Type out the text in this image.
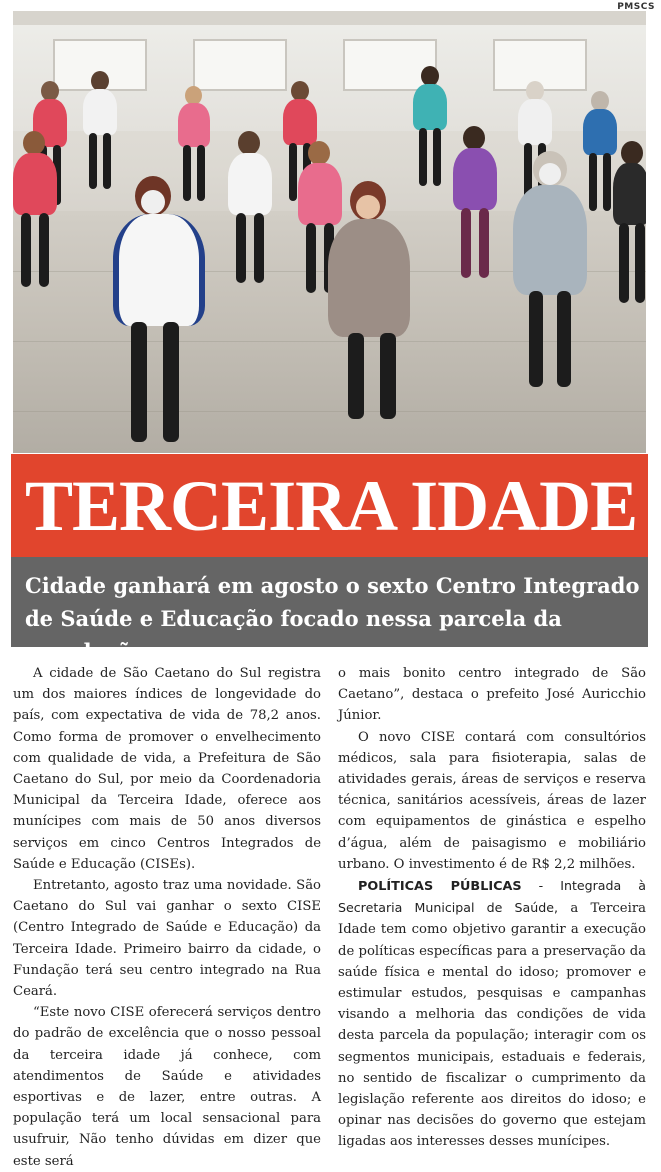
PMSCS
TERCEIRA IDADE
Cidade ganhará em agosto o sexto Centro Integrado de Saúde e Educação focado nessa parcela da população

A cidade de São Caetano do Sul registra um dos maiores índices de longevidade do país, com expectativa de vida de 78,2 anos. Como forma de promover o envelhecimento com qualidade de vida, a Prefeitura de São Caetano do Sul, por meio da Coordenadoria Municipal da Terceira Idade, oferece aos munícipes com mais de 50 anos diversos serviços em cinco Centros Integrados de Saúde e Educação (CISEs).

Entretanto, agosto traz uma novidade. São Caetano do Sul vai ganhar o sexto CISE (Centro Integrado de Saúde e Educação) da Terceira Idade. Primeiro bairro da cidade, o Fundação terá seu centro integrado na Rua Ceará.

“Este novo CISE oferecerá serviços dentro do padrão de excelência que o nosso pessoal da terceira idade já conhece, com atendimentos de Saúde e atividades esportivas e de lazer, entre outras. A população terá um local sensacional para usufruir, Não tenho dúvidas em dizer que este será

o mais bonito centro integrado de São Caetano”, destaca o prefeito José Auricchio Júnior.

O novo CISE contará com consultórios médicos, sala para fisioterapia, salas de atividades gerais, áreas de serviços e reserva técnica, sanitários acessíveis, áreas de lazer com equipamentos de ginástica e espelho d’água, além de paisagismo e mobiliário urbano. O investimento é de R$ 2,2 milhões.

POLÍTICAS PÚBLICAS - Integrada à Secretaria Municipal de Saúde, a Terceira Idade tem como objetivo garantir a execução de políticas específicas para a preservação da saúde física e mental do idoso; promover e estimular estudos, pesquisas e campanhas visando a melhoria das condições de vida desta parcela da população; interagir com os segmentos municipais, estaduais e federais, no sentido de fiscalizar o cumprimento da legislação referente aos direitos do idoso; e opinar nas decisões do governo que estejam ligadas aos interesses desses munícipes.
